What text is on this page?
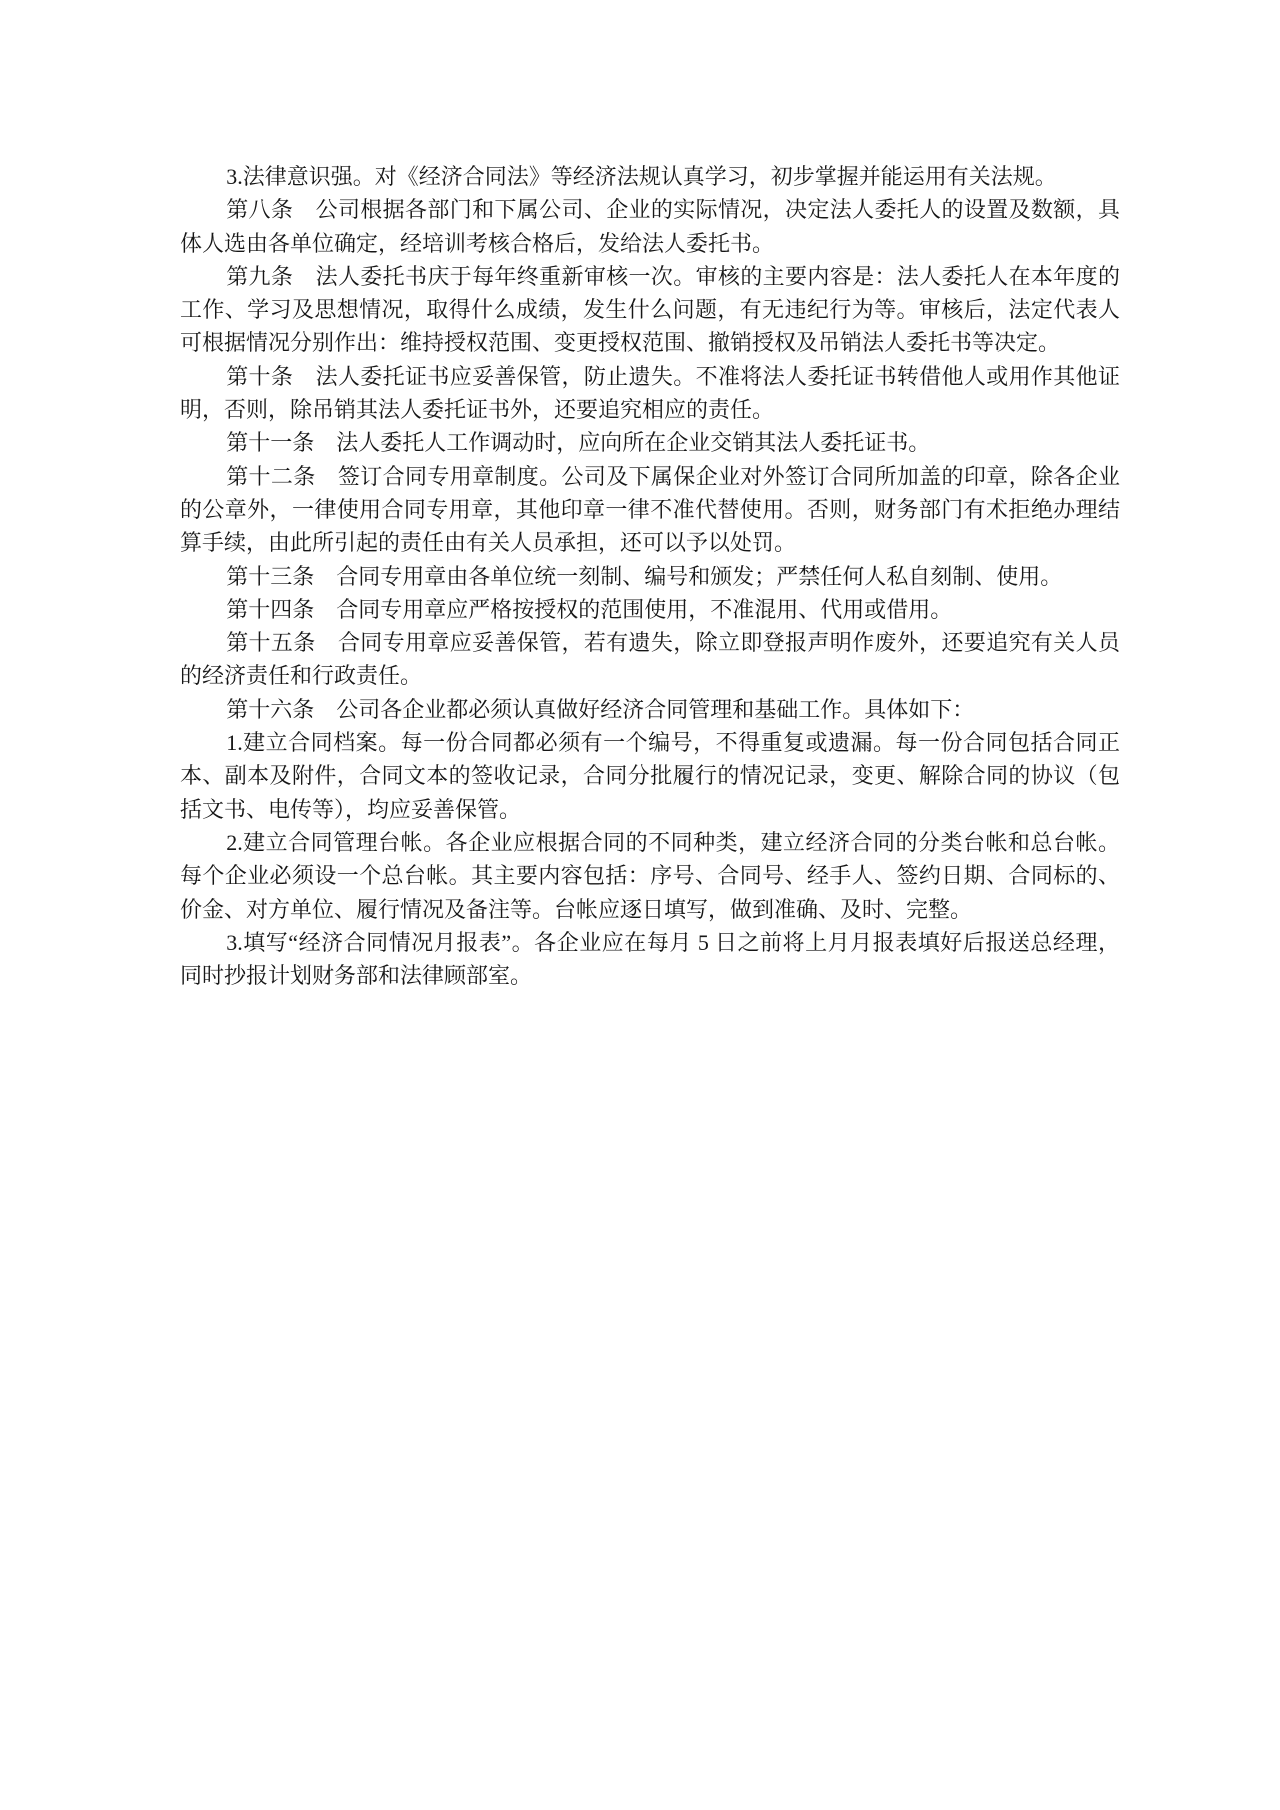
3.法律意识强。对《经济合同法》等经济法规认真学习，初步掌握并能运用有关法规。

第八条　公司根据各部门和下属公司、企业的实际情况，决定法人委托人的设置及数额，具体人选由各单位确定，经培训考核合格后，发给法人委托书。

第九条　法人委托书庆于每年终重新审核一次。审核的主要内容是：法人委托人在本年度的工作、学习及思想情况，取得什么成绩，发生什么问题，有无违纪行为等。审核后，法定代表人可根据情况分别作出：维持授权范围、变更授权范围、撤销授权及吊销法人委托书等决定。

第十条　法人委托证书应妥善保管，防止遗失。不准将法人委托证书转借他人或用作其他证明，否则，除吊销其法人委托证书外，还要追究相应的责任。

第十一条　法人委托人工作调动时，应向所在企业交销其法人委托证书。

第十二条　签订合同专用章制度。公司及下属保企业对外签订合同所加盖的印章，除各企业的公章外，一律使用合同专用章，其他印章一律不准代替使用。否则，财务部门有术拒绝办理结算手续，由此所引起的责任由有关人员承担，还可以予以处罚。

第十三条　合同专用章由各单位统一刻制、编号和颁发；严禁任何人私自刻制、使用。

第十四条　合同专用章应严格按授权的范围使用，不准混用、代用或借用。

第十五条　合同专用章应妥善保管，若有遗失，除立即登报声明作废外，还要追究有关人员的经济责任和行政责任。

第十六条　公司各企业都必须认真做好经济合同管理和基础工作。具体如下：

1.建立合同档案。每一份合同都必须有一个编号，不得重复或遗漏。每一份合同包括合同正本、副本及附件，合同文本的签收记录，合同分批履行的情况记录，变更、解除合同的协议（包括文书、电传等），均应妥善保管。

2.建立合同管理台帐。各企业应根据合同的不同种类，建立经济合同的分类台帐和总台帐。每个企业必须设一个总台帐。其主要内容包括：序号、合同号、经手人、签约日期、合同标的、价金、对方单位、履行情况及备注等。台帐应逐日填写，做到准确、及时、完整。

3.填写“经济合同情况月报表”。各企业应在每月 5 日之前将上月月报表填好后报送总经理，同时抄报计划财务部和法律顾部室。
